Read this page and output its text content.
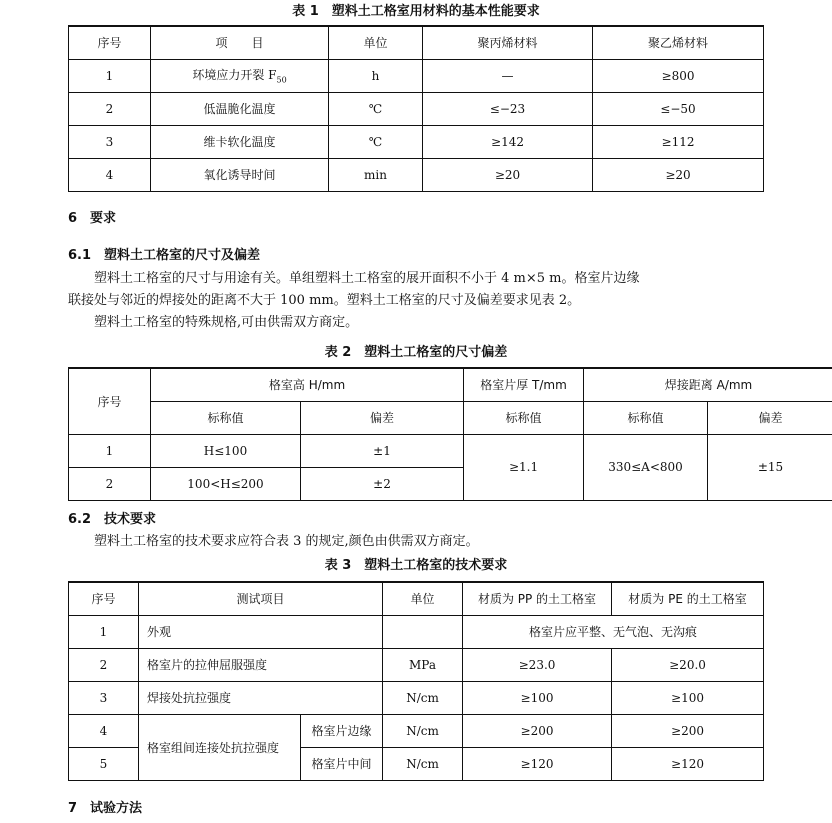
表 1　塑料土工格室用材料的基本性能要求
序号	项　　目	单位	聚丙烯材料	聚乙烯材料
1	环境应力开裂 $F_{50}$	h	—	≥800
2	低温脆化温度	℃	≤−23	≤−50
3	维卡软化温度	℃	≥142	≥112
4	氧化诱导时间	min	≥20	≥20
6　要求
6.1　塑料土工格室的尺寸及偏差
塑料土工格室的尺寸与用途有关。单组塑料土工格室的展开面积不小于 4 m×5 m。格室片边缘
联接处与邻近的焊接处的距离不大于 100 mm。塑料土工格室的尺寸及偏差要求见表 2。
塑料土工格室的特殊规格,可由供需双方商定。
表 2　塑料土工格室的尺寸偏差
序号	格室高 H/mm		格室片厚 T/mm	焊接距离 A/mm	
	标称值	偏差	标称值	标称值	偏差
1	H≤100	±1	≥1.1	330≤A<800	±15
2	100<H≤200	±2			
6.2　技术要求
塑料土工格室的技术要求应符合表 3 的规定,颜色由供需双方商定。
表 3　塑料土工格室的技术要求
序号	测试项目		单位	材质为 PP 的土工格室	材质为 PE 的土工格室
1	外观			格室片应平整、无气泡、无沟痕	
2	格室片的拉伸屈服强度		MPa	≥23.0	≥20.0
3	焊接处抗拉强度		N/cm	≥100	≥100
4	格室组间连接处抗拉强度	格室片边缘	N/cm	≥200	≥200
5		格室片中间	N/cm	≥120	≥120
7　试验方法
